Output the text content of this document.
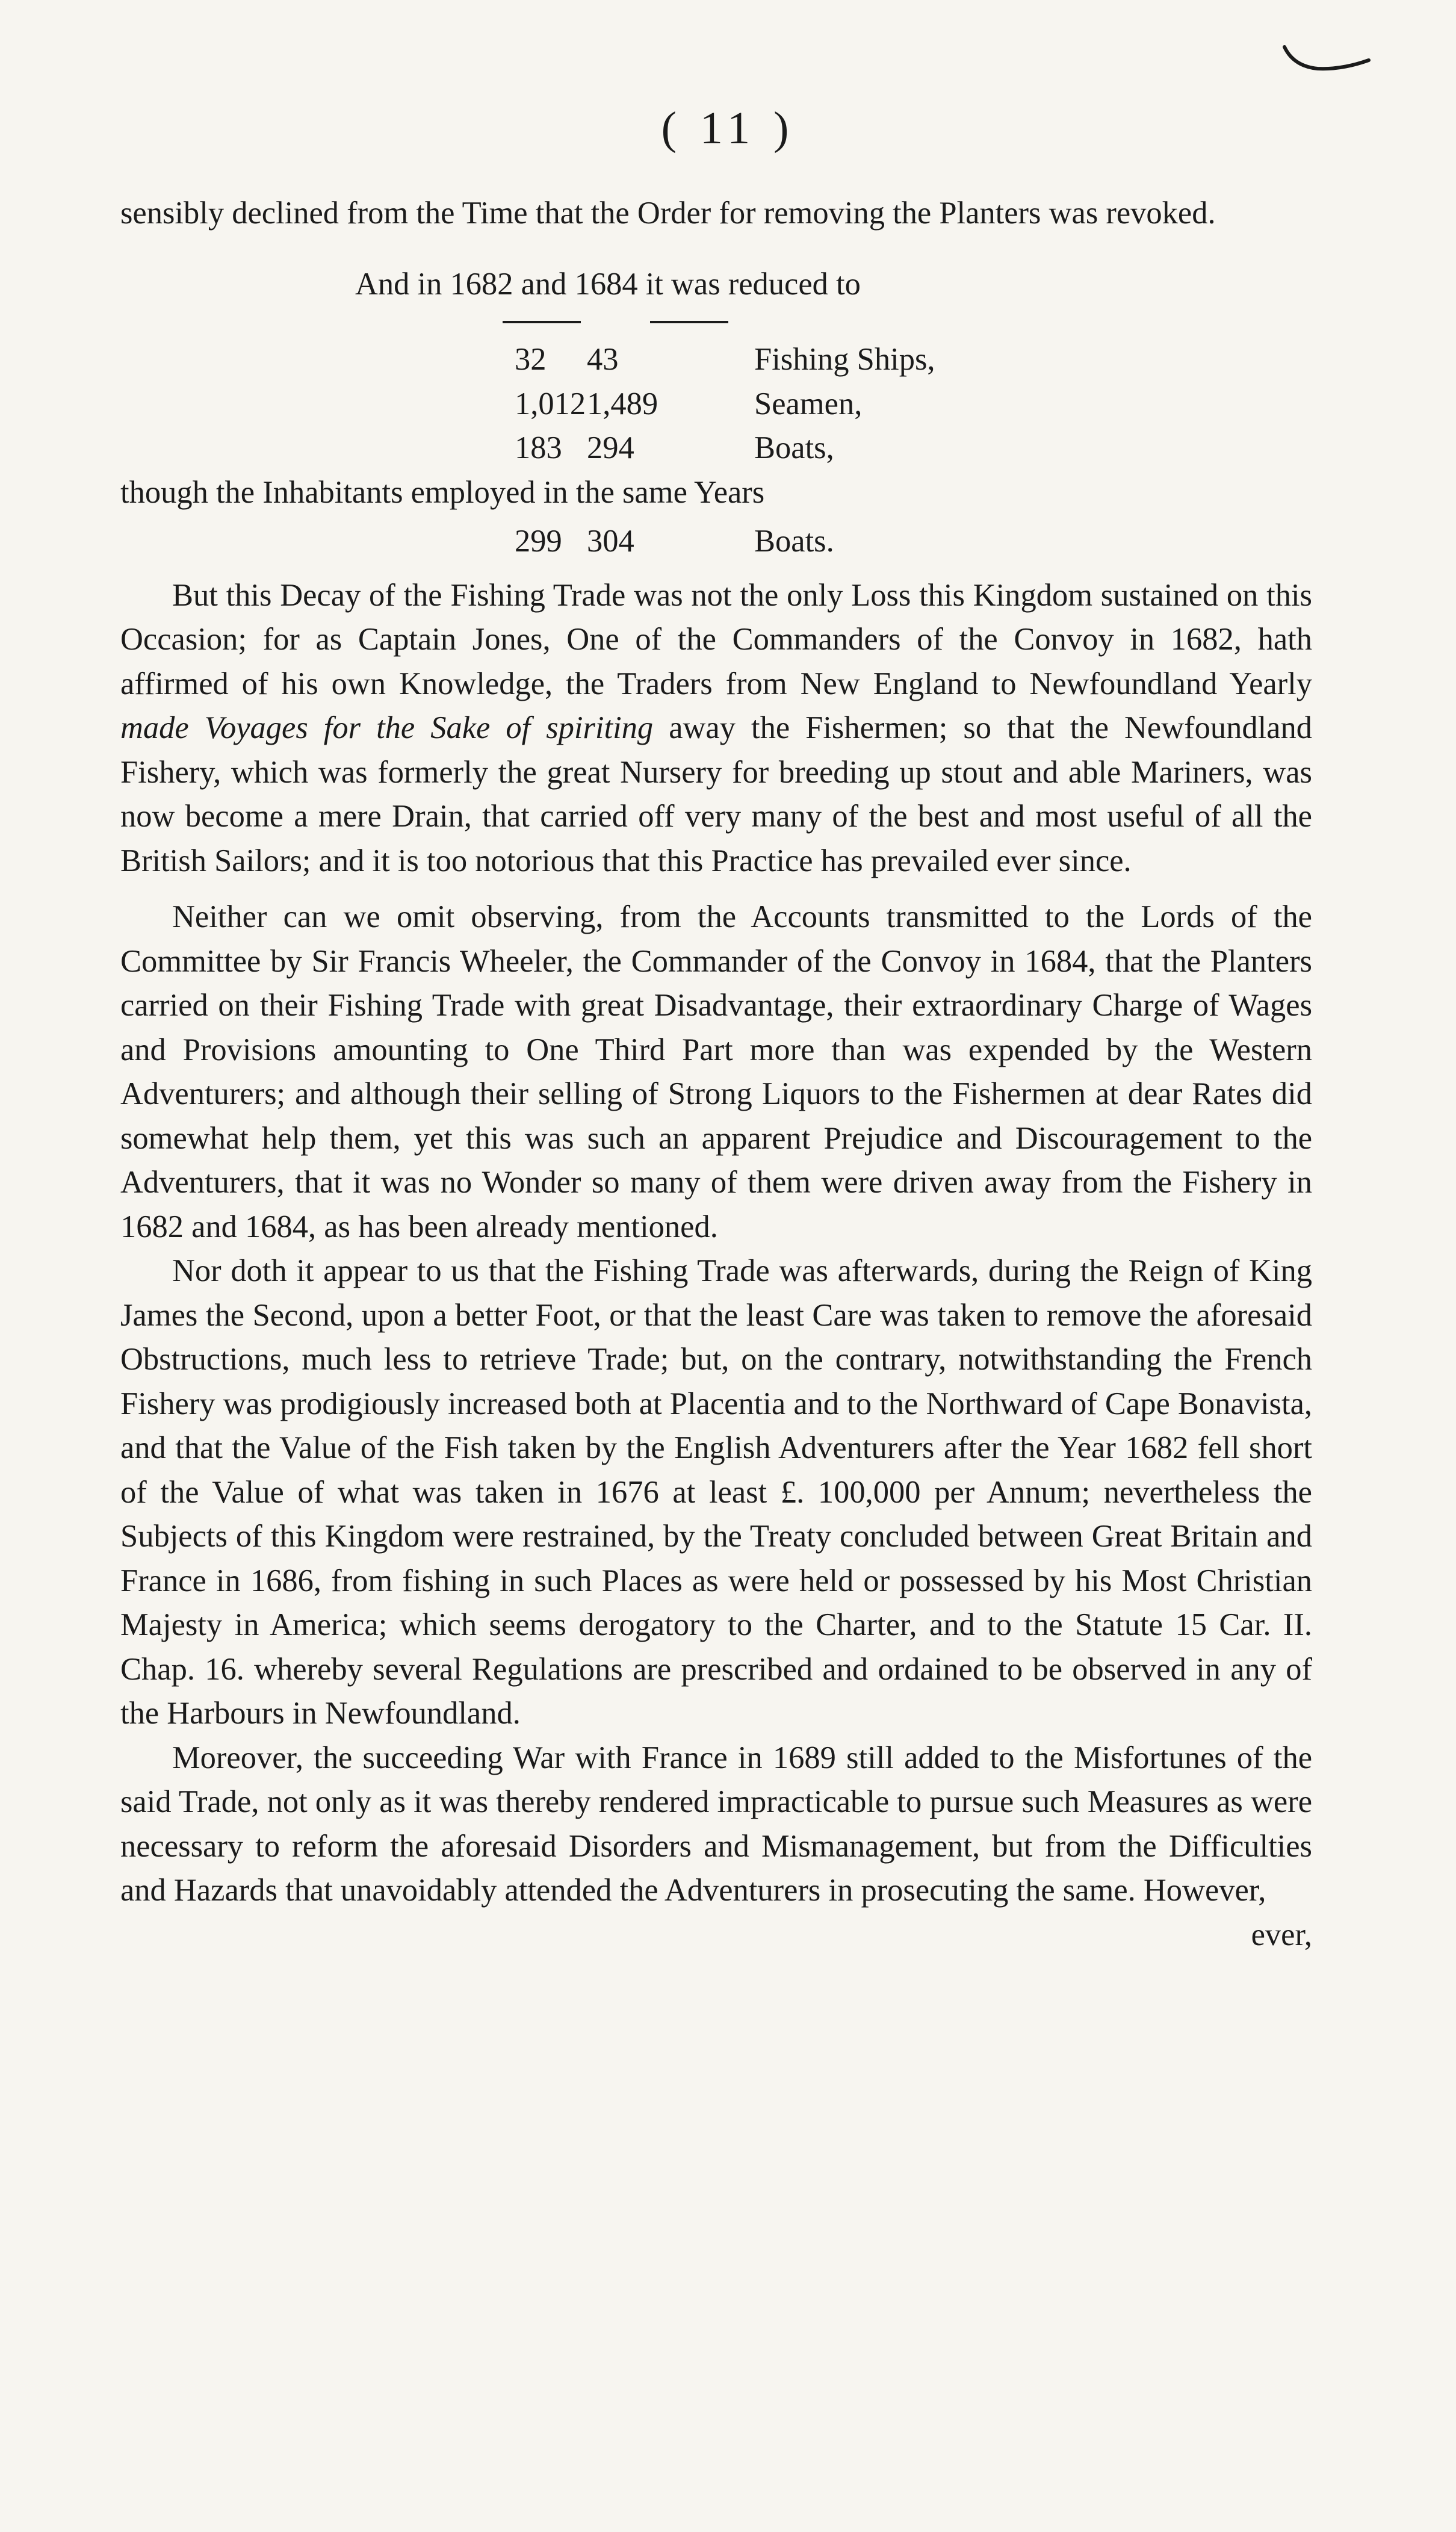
( 11 )

sensibly declined from the Time that the Order for removing the Planters was revoked.

And in 1682 and 1684 it was reduced to
32	43	Fishing Ships,
1,012	1,489	Seamen,
183	294	Boats,

though the Inhabitants employed in the same Years

299	304	Boats.

But this Decay of the Fishing Trade was not the only Loss this Kingdom sustained on this Occasion; for as Captain Jones, One of the Commanders of the Convoy in 1682, hath affirmed of his own Knowledge, the Traders from New England to Newfoundland Yearly made Voyages for the Sake of spiriting away the Fishermen; so that the Newfoundland Fishery, which was formerly the great Nursery for breeding up stout and able Mariners, was now become a mere Drain, that carried off very many of the best and most useful of all the British Sailors; and it is too notorious that this Practice has prevailed ever since.

Neither can we omit observing, from the Accounts transmitted to the Lords of the Committee by Sir Francis Wheeler, the Commander of the Convoy in 1684, that the Planters carried on their Fishing Trade with great Disadvantage, their extraordinary Charge of Wages and Provisions amounting to One Third Part more than was expended by the Western Adventurers; and although their selling of Strong Liquors to the Fishermen at dear Rates did somewhat help them, yet this was such an apparent Prejudice and Discouragement to the Adventurers, that it was no Wonder so many of them were driven away from the Fishery in 1682 and 1684, as has been already mentioned.

Nor doth it appear to us that the Fishing Trade was afterwards, during the Reign of King James the Second, upon a better Foot, or that the least Care was taken to remove the aforesaid Obstructions, much less to retrieve Trade; but, on the contrary, notwithstanding the French Fishery was prodigiously increased both at Placentia and to the Northward of Cape Bonavista, and that the Value of the Fish taken by the English Adventurers after the Year 1682 fell short of the Value of what was taken in 1676 at least £. 100,000 per Annum; nevertheless the Subjects of this Kingdom were restrained, by the Treaty concluded between Great Britain and France in 1686, from fishing in such Places as were held or possessed by his Most Christian Majesty in America; which seems derogatory to the Charter, and to the Statute 15 Car. II. Chap. 16. whereby several Regulations are prescribed and ordained to be observed in any of the Harbours in Newfoundland.

Moreover, the succeeding War with France in 1689 still added to the Misfortunes of the said Trade, not only as it was thereby rendered impracticable to pursue such Measures as were necessary to reform the aforesaid Disorders and Mismanagement, but from the Difficulties and Hazards that unavoidably attended the Adventurers in prosecuting the same. However,

ever,
